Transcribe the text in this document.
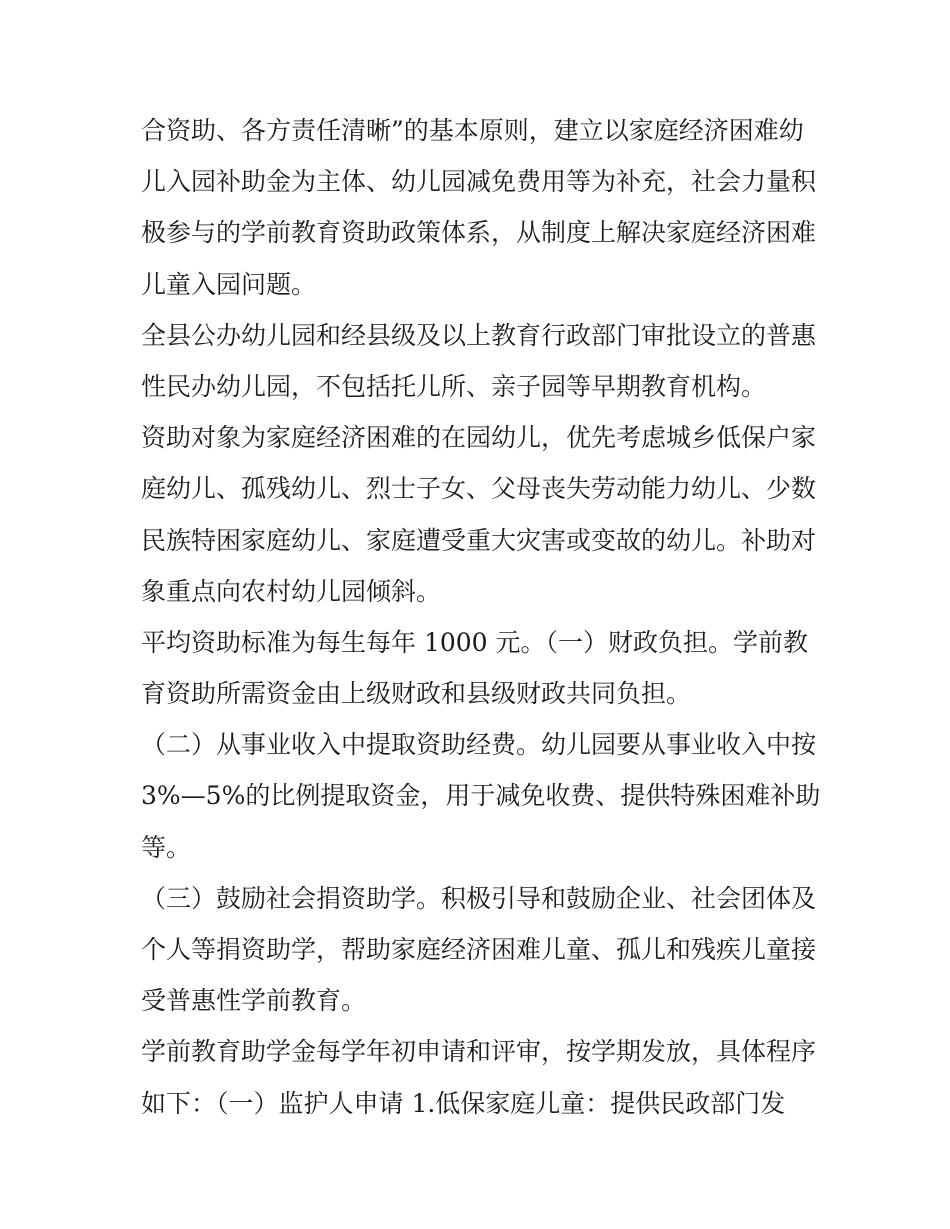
合资助、各方责任清晰”的基本原则，建立以家庭经济困难幼
儿入园补助金为主体、幼儿园减免费用等为补充，社会力量积
极参与的学前教育资助政策体系，从制度上解决家庭经济困难
儿童入园问题。
全县公办幼儿园和经县级及以上教育行政部门审批设立的普惠
性民办幼儿园，不包括托儿所、亲子园等早期教育机构。
资助对象为家庭经济困难的在园幼儿，优先考虑城乡低保户家
庭幼儿、孤残幼儿、烈士子女、父母丧失劳动能力幼儿、少数
民族特困家庭幼儿、家庭遭受重大灾害或变故的幼儿。补助对
象重点向农村幼儿园倾斜。
平均资助标准为每生每年 1000 元。（一）财政负担。学前教
育资助所需资金由上级财政和县级财政共同负担。
（二）从事业收入中提取资助经费。幼儿园要从事业收入中按
3%—5%的比例提取资金，用于减免收费、提供特殊困难补助
等。
（三）鼓励社会捐资助学。积极引导和鼓励企业、社会团体及
个人等捐资助学，帮助家庭经济困难儿童、孤儿和残疾儿童接
受普惠性学前教育。
学前教育助学金每学年初申请和评审，按学期发放，具体程序
如下：（一）监护人申请 1.低保家庭儿童：提供民政部门发
